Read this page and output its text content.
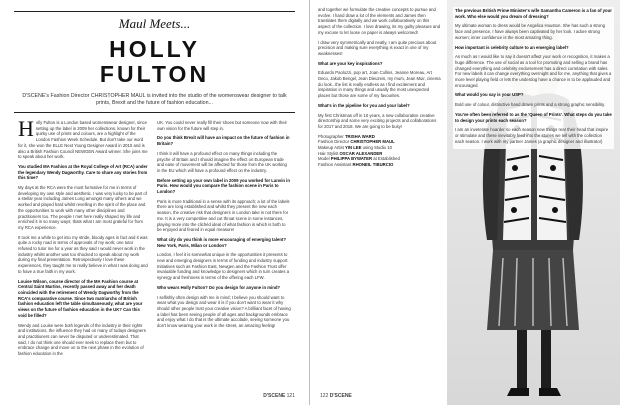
Maul Meets...
HOLLY
FULTON
D'SCENE's Fashion Director CHRISTOPHER MAUL is invited into the studio of the womenswear designer to talk prints, Brexit and the future of fashion education...

Holly Fulton is a London based womenswear designer, since setting up the label in 2009 her collections, known for their quirky use of prints and colours, are a highlight of the London Fashion Week Schedule. But don't take our word for it, she won the ELLE Next Young Designer Award in 2010 and is also a British Fashion Council NEWGEN Award winner. She joins me to speak about her work.

You studied MA Fashion at the Royal College of Art (RCA) under the legendary Wendy Dagworthy. Care to share any stories from this time?

My days at the RCA were the most formative for me in terms of developing my own style and aesthetic. I was very lucky to be part of a stellar year including James Long amongst many others and we worked and played hard whilst revelling in the spirit of the place and the opportunities to work with many other disciplines and practitioners too. The people I met here really shaped my life and enriched it in so many ways; thats what I am most grateful for from my RCA experience.

It took me a while to get into my stride, bloody ages in fact and it was quite a rocky road in terms of approvals of my work; one tutor refused to tutor me for a year as they said I would never work in the industry whilst another was too shocked to speak about my work during my final presentation. Retrospectively I love these experiences, they taught me to really believe in what I was doing and to have a true faith in my work.

Louise Wilson, course director of the MA Fashion course at Central Saint Martins, recently passed away and her death coincided with the retirement of Wendy Dagworthy from the RCA's comparative course. Since two matriarchs of British fashion education left the table simultaneously, what are your views on the future of fashion education in the UK? Can this void be filled?

Wendy and Louise were both legends of the industry in their rights and institutions, the influence they had on many of todays designers and practitioners can never be disputed or underestimated. That said, I do not think one should ever seek to replace them but to embrace change and move on to the next phase in the evolution of fashion education in the

UK. You could never really fill their shoes but someone now with their own vision for the future will step in.

Do you think Brexit will have an impact on the future of fashion in Britain?

I think it will have a profound effect on many things including the psyche of Britain and I should imagine the effect on European trade and ease of movement will be affected for those from the UK working in the EU which will have a profound effect on the industry.

Before setting up your own label in 2009 you worked for Lanvin in Paris. How would you compare the fashion scene in Paris to London?

Paris is more traditional in a sense with its approach; a lot of the labels there are long established and whilst they present the new each season, the creative risk that designers in London take is not there for me. It is a very competitive and cut throat scene in some instances, playing more into the clichéd ideal of what fashion is which is both to be enjoyed and feared in equal measure!

What city do you think is more encouraging of emerging talent? New York, Paris, Milan or London?

London, I feel it is somewhat unique in the opportunities it presents to new and emerging designers in terms of funding and industry support. Initiatives such as Fashion East, Newgen and the Fashion Trust offer invaluable funding and knowledge to designers which in turn creates a synergy and freshness in terms of the offering each LFW.

Who wears Holly Fulton? Do you design for anyone in mind?

I selfishly often design with me in mind; I believe you should want to wear what you design and wear it is if you don't want to wear it why should other people trust your creative vision? A brilliant facet of having a label has been seeing people of all ages and backgrounds embrace and enjoy what I do that is the ultimate accolade, seeing someone you don't know wearing your work in the street, an amazing feeling!

D'SCENE 121

and together we formulate the creative concepts to pursue and evolve. I hand draw a lot of the elements and James then translates them digitally and we work collaboratively on this aspect of the collection. I love drawing, its my guilty pleasure and my excuse to let loose on paper is always welcomed!

I draw very symmetrically and neatly, I am quite precious about precision and making sure everything is exact in one of my weaknesses!

What are your key inspirations?

Eduardo Paolozzi, pop art, Joan Collins, Jeanne Moreau, Art Deco, Jakob Bengel, Jean Dieuzeis, my mum, Jean Muir, cinema du look...the list is really endless as I find excitement and inspiration in many things and usually the most unexpected places but those are some of my favourites.

What's in the pipeline for you and your label?

My first Christmas off in 10 years, a new collaborative creative directorship and some very exciting projects and collaborations for 2017 and 2018. We are going to be busy!

Photographer TRISHA WARD
Fashion Director CHRISTOPHER MAUL
Makeup Artist YIN LEE using Studio 10
Hair Stylist OSCAR ALEXANDER
Model PHILIPPA BYWATER at Established
Fashion Assistant RHONEIL TIBURCIO

The previous British Prime Minister's wife Samantha Cameron is a fan of your work. Who else would you dream of dressing?

My ultimate woman to dress would be Angelica Houston. She has such a strong face and presence, I have always been captivated by her look. I adore strong women; inner confidence is the most amazing thing.

How important is celebrity culture to an emerging label?

As much as I would like to say it doesn't affect your work or recognition, it makes a huge difference. The use of social as a tool for promoting and selling a brand has changed everything and celebrity endorsement has a direct correlation with sales. For new labels it can change everything overnight and for me, anything that gives a more level playing field or lets the underdog have a chance is to be applauded and encouraged.

What would you say is your USP?

Bold use of colour, distinctive hand drawn prints and a strong graphic sensibility.

You've often been referred to as the 'Queen of Prints'. What steps do you take to design your prints each season?

I am an inveterate hoarder so each season new things rear their head that inspire or stimulate and these inevitably feed into the stories we tell with the collection each season. I work with my partner James (a graphic designer and illustrator)

122 D'SCENE
